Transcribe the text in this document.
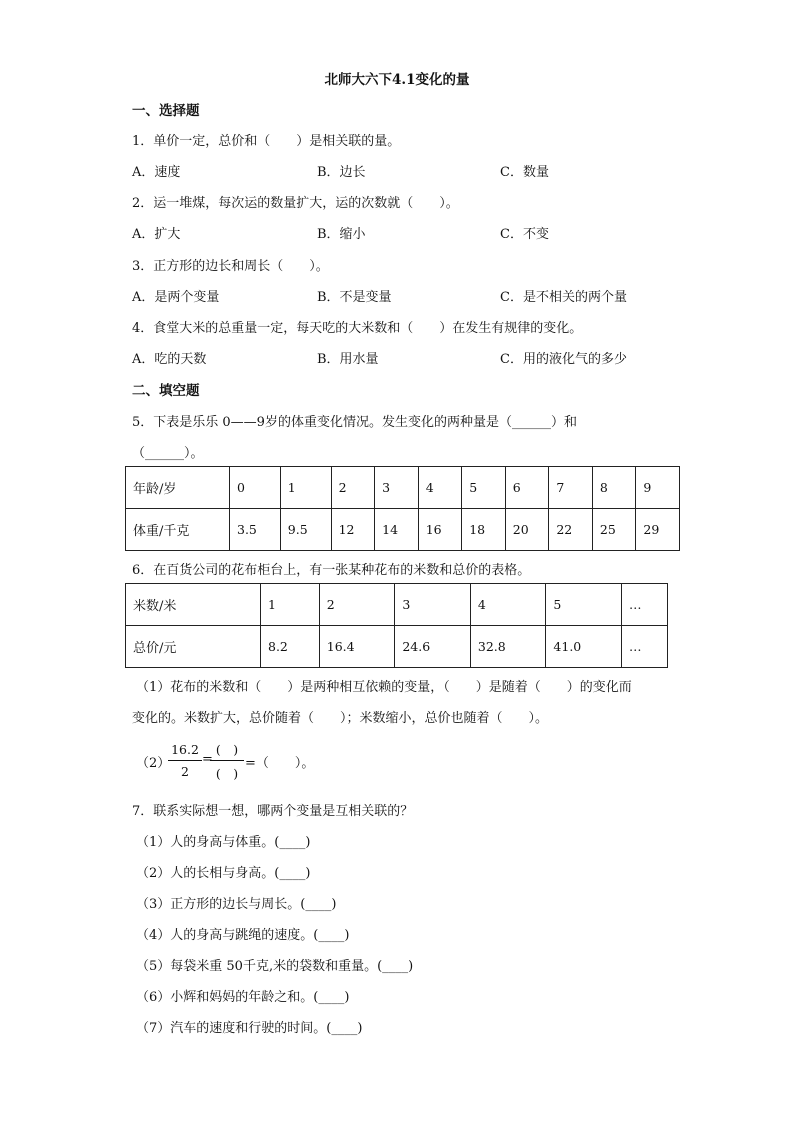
北师大六下4.1变化的量
一、选择题
1．单价一定，总价和（　　）是相关联的量。
A．速度	B．边长	C．数量
2．运一堆煤，每次运的数量扩大，运的次数就（　　）。
A．扩大	B．缩小	C．不变
3．正方形的边长和周长（　　）。
A．是两个变量	B．不是变量	C．是不相关的两个量
4．食堂大米的总重量一定，每天吃的大米数和（　　）在发生有规律的变化。
A．吃的天数	B．用水量	C．用的液化气的多少
二、填空题
5．下表是乐乐 0——9岁的体重变化情况。发生变化的两种量是（______）和
（______）。
年龄/岁	0	1	2	3	4	5	6	7	8	9
体重/千克	3.5	9.5	12	14	16	18	20	22	25	29
6．在百货公司的花布柜台上，有一张某种花布的米数和总价的表格。
米数/米	1	2	3	4	5	…
总价/元	8.2	16.4	24.6	32.8	41.0	…
（1）花布的米数和（　　）是两种相互依赖的变量，（　　）是随着（　　）的变化而
变化的。米数扩大，总价随着（　　）；米数缩小，总价也随着（　　）。
（2）
16.2
2
=
(　)
(　)
=（　　）。
7．联系实际想一想，哪两个变量是互相关联的？
（1）人的身高与体重。(____)
（2）人的长相与身高。(____)
（3）正方形的边长与周长。(____)
（4）人的身高与跳绳的速度。(____)
（5）每袋米重 50千克,米的袋数和重量。(____)
（6）小辉和妈妈的年龄之和。(____)
（7）汽车的速度和行驶的时间。(____)
